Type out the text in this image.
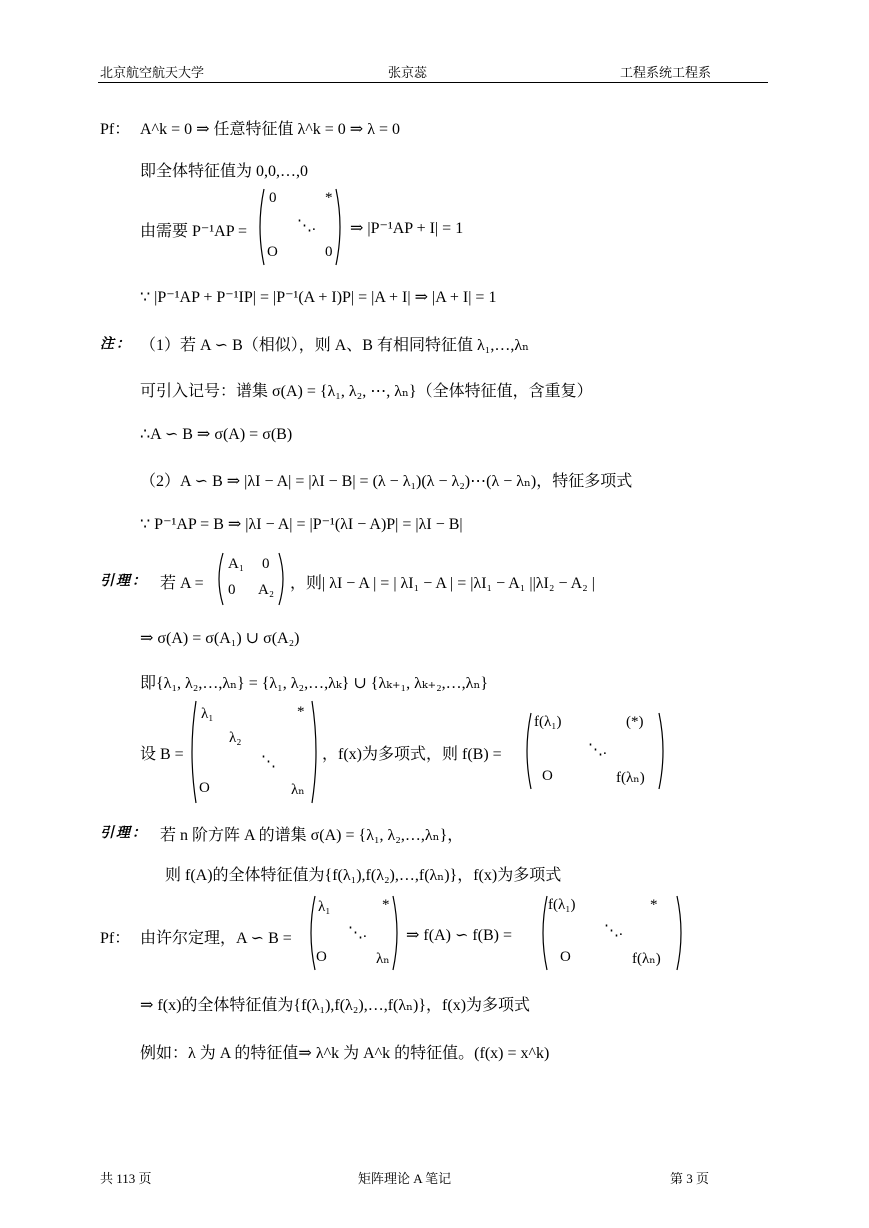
北京航空航天大学	张京蕊	工程系统工程系
Pf： A^k = 0 ⇒ 任意特征值 λ^k = 0 ⇒ λ = 0
即全体特征值为 0,0,…,0
由需要 P⁻¹AP =
0	*
⋱.
O	0
⇒ |P⁻¹AP + I| = 1
∵ |P⁻¹AP + P⁻¹IP| = |P⁻¹(A + I)P| = |A + I| ⇒ |A + I| = 1
注： （1）若 A ∽ B（相似），则 A、B 有相同特征值 λ₁,…,λₙ
可引入记号：谱集 σ(A) = {λ₁, λ₂, ⋯, λₙ}（全体特征值，含重复）
∴A ∽ B ⇒ σ(A) = σ(B)
（2）A ∽ B ⇒ |λI − A| = |λI − B| = (λ − λ₁)(λ − λ₂)⋯(λ − λₙ)，特征多项式
∵ P⁻¹AP = B ⇒ |λI − A| = |P⁻¹(λI − A)P| = |λI − B|
引理： 若 A =
A₁ 0
0 A₂ ，则| λI − A | = | λI₁ − A | = |λI₁ − A₁ ||λI₂ − A₂ |
⇒ σ(A) = σ(A₁) ∪ σ(A₂)
即{λ₁, λ₂,…,λₙ} = {λ₁, λ₂,…,λₖ} ∪ {λₖ₊₁, λₖ₊₂,…,λₙ}
设 B =
λ₁	*
λ₂
⋱
O	λₙ
，f(x)为多项式，则 f(B) =
f(λ₁)	(*)
⋱.
O	f(λₙ)
引理： 若 n 阶方阵 A 的谱集 σ(A) = {λ₁, λ₂,…,λₙ}，
则 f(A)的全体特征值为{f(λ₁),f(λ₂),…,f(λₙ)}，f(x)为多项式
Pf： 由许尔定理，A ∽ B =
λ₁	*
⋱.
O	λₙ
⇒ f(A) ∽ f(B) =
f(λ₁)	*
⋱.
O	f(λₙ)
⇒ f(x)的全体特征值为{f(λ₁),f(λ₂),…,f(λₙ)}，f(x)为多项式
例如：λ 为 A 的特征值⇒ λ^k 为 A^k 的特征值。(f(x) = x^k)
共 113 页	矩阵理论 A 笔记	第 3 页
